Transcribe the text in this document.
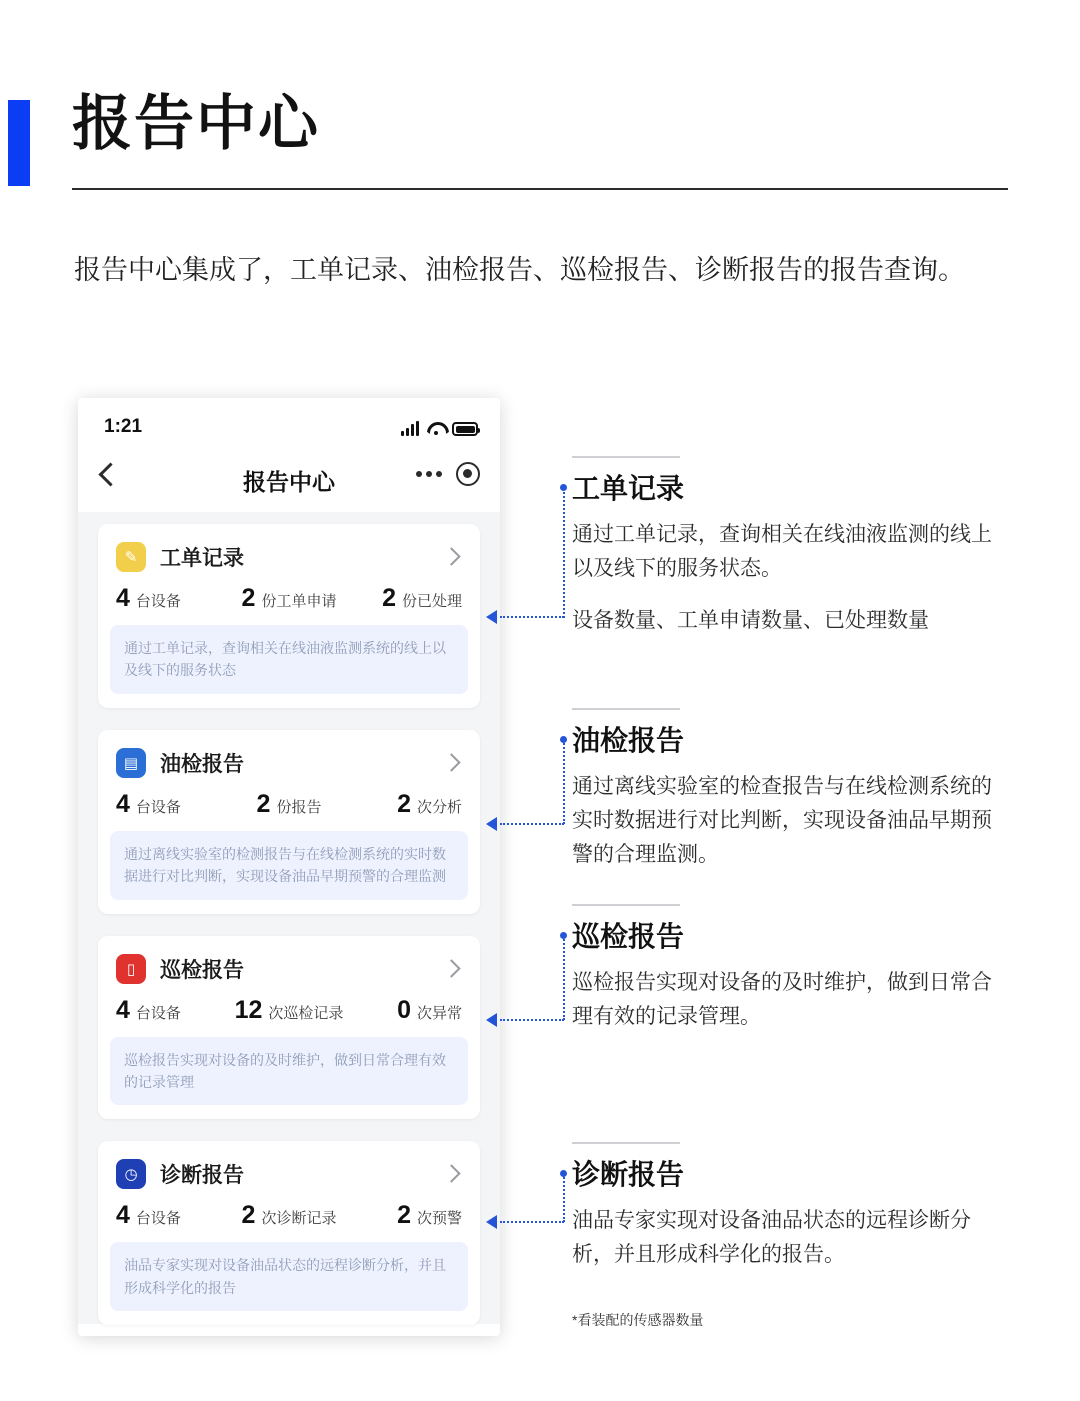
报告中心

报告中心集成了，工单记录、油检报告、巡检报告、诊断报告的报告查询。

1:21
报告中心
✎	工单记录
4 台设备 2 份工单申请 2 份已处理
通过工单记录，查询相关在线油液监测系统的线上以及线下的服务状态
▤	油检报告
4 台设备	2 份报告	2 次分析
通过离线实验室的检测报告与在线检测系统的实时数据进行对比判断，实现设备油品早期预警的合理监测
▯	巡检报告
4 台设备 12 次巡检记录 0 次异常
巡检报告实现对设备的及时维护，做到日常合理有效的记录管理
◷	诊断报告
4 台设备 2 次诊断记录 2 次预警
油品专家实现对设备油品状态的远程诊断分析，并且形成科学化的报告
工单记录

通过工单记录，查询相关在线油液监测的线上以及线下的服务状态。

设备数量、工单申请数量、已处理数量

油检报告

通过离线实验室的检查报告与在线检测系统的实时数据进行对比判断，实现设备油品早期预警的合理监测。

巡检报告

巡检报告实现对设备的及时维护，做到日常合理有效的记录管理。

诊断报告

油品专家实现对设备油品状态的远程诊断分析，并且形成科学化的报告。

*看装配的传感器数量
